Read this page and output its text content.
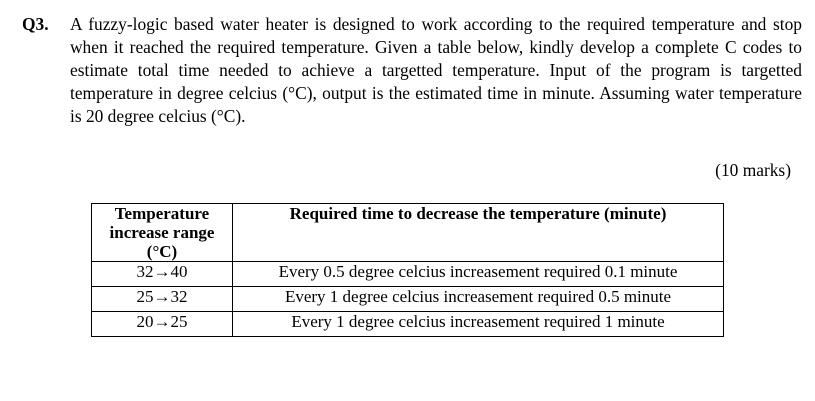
Q3. A fuzzy-logic based water heater is designed to work according to the required temperature and stop when it reached the required temperature. Given a table below, kindly develop a complete C codes to estimate total time needed to achieve a targetted temperature. Input of the program is targetted temperature in degree celcius (°C), output is the estimated time in minute. Assuming water temperature is 20 degree celcius (°C).
(10 marks)
Temperature increase range (°C)	Required time to decrease the temperature (minute)
32→40	Every 0.5 degree celcius increasement required 0.1 minute
25→32	Every 1 degree celcius increasement required 0.5 minute
20→25	Every 1 degree celcius increasement required 1 minute
